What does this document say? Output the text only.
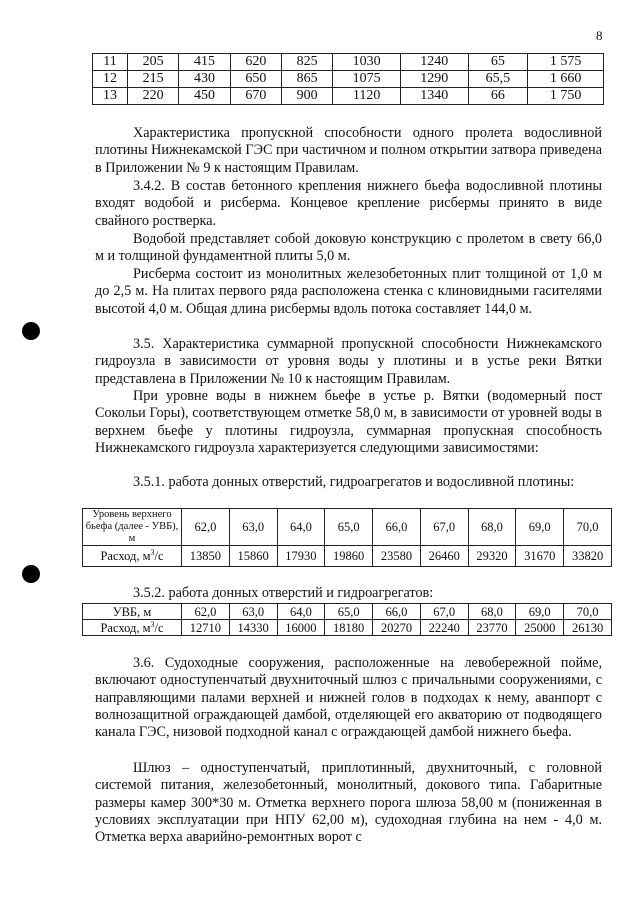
8
11	205	415	620	825	1030	1240	65	1 575
12	215	430	650	865	1075	1290	65,5	1 660
13	220	450	670	900	1120	1340	66	1 750

Характеристика пропускной способности одного пролета водосливной плотины Нижнекамской ГЭС при частичном и полном открытии затвора приведена в Приложении № 9 к настоящим Правилам.

3.4.2. В состав бетонного крепления нижнего бьефа водосливной плотины входят водобой и рисберма. Концевое крепление рисбермы принято в виде свайного ростверка.

Водобой представляет собой доковую конструкцию с пролетом в свету 66,0 м и толщиной фундаментной плиты 5,0 м.

Рисберма состоит из монолитных железобетонных плит толщиной от 1,0 м до 2,5 м. На плитах первого ряда расположена стенка с клиновидными гасителями высотой 4,0 м. Общая длина рисбермы вдоль потока составляет 144,0 м.

3.5. Характеристика суммарной пропускной способности Нижнекамского гидроузла в зависимости от уровня воды у плотины и в устье реки Вятки представлена в Приложении № 10 к настоящим Правилам.

При уровне воды в нижнем бьефе в устье р. Вятки (водомерный пост Сокольи Горы), соответствующем отметке 58,0 м, в зависимости от уровней воды в верхнем бьефе у плотины гидроузла, суммарная пропускная способность Нижнекамского гидроузла характеризуется следующими зависимостями:

3.5.1. работа донных отверстий, гидроагрегатов и водосливной плотины:

Уровень верхнего бьефа (далее - УВБ), м	62,0	63,0	64,0	65,0	66,0	67,0	68,0	69,0	70,0
Расход, $м^3/с$	13850	15860	17930	19860	23580	26460	29320	31670	33820

3.5.2. работа донных отверстий и гидроагрегатов:

УВБ, м	62,0	63,0	64,0	65,0	66,0	67,0	68,0	69,0	70,0
Расход, $м^3/с$	12710	14330	16000	18180	20270	22240	23770	25000	26130

3.6. Судоходные сооружения, расположенные на левобережной пойме, включают одноступенчатый двухниточный шлюз с причальными сооружениями, с направляющими палами верхней и нижней голов в подходах к нему, аванпорт с волнозащитной ограждающей дамбой, отделяющей его акваторию от подводящего канала ГЭС, низовой подходной канал с ограждающей дамбой нижнего бьефа.

Шлюз – одноступенчатый, приплотинный, двухниточный, с головной системой питания, железобетонный, монолитный, докового типа. Габаритные размеры камер 300*30 м. Отметка верхнего порога шлюза 58,00 м (пониженная в условиях эксплуатации при НПУ 62,00 м), судоходная глубина на нем - 4,0 м. Отметка верха аварийно-ремонтных ворот с
